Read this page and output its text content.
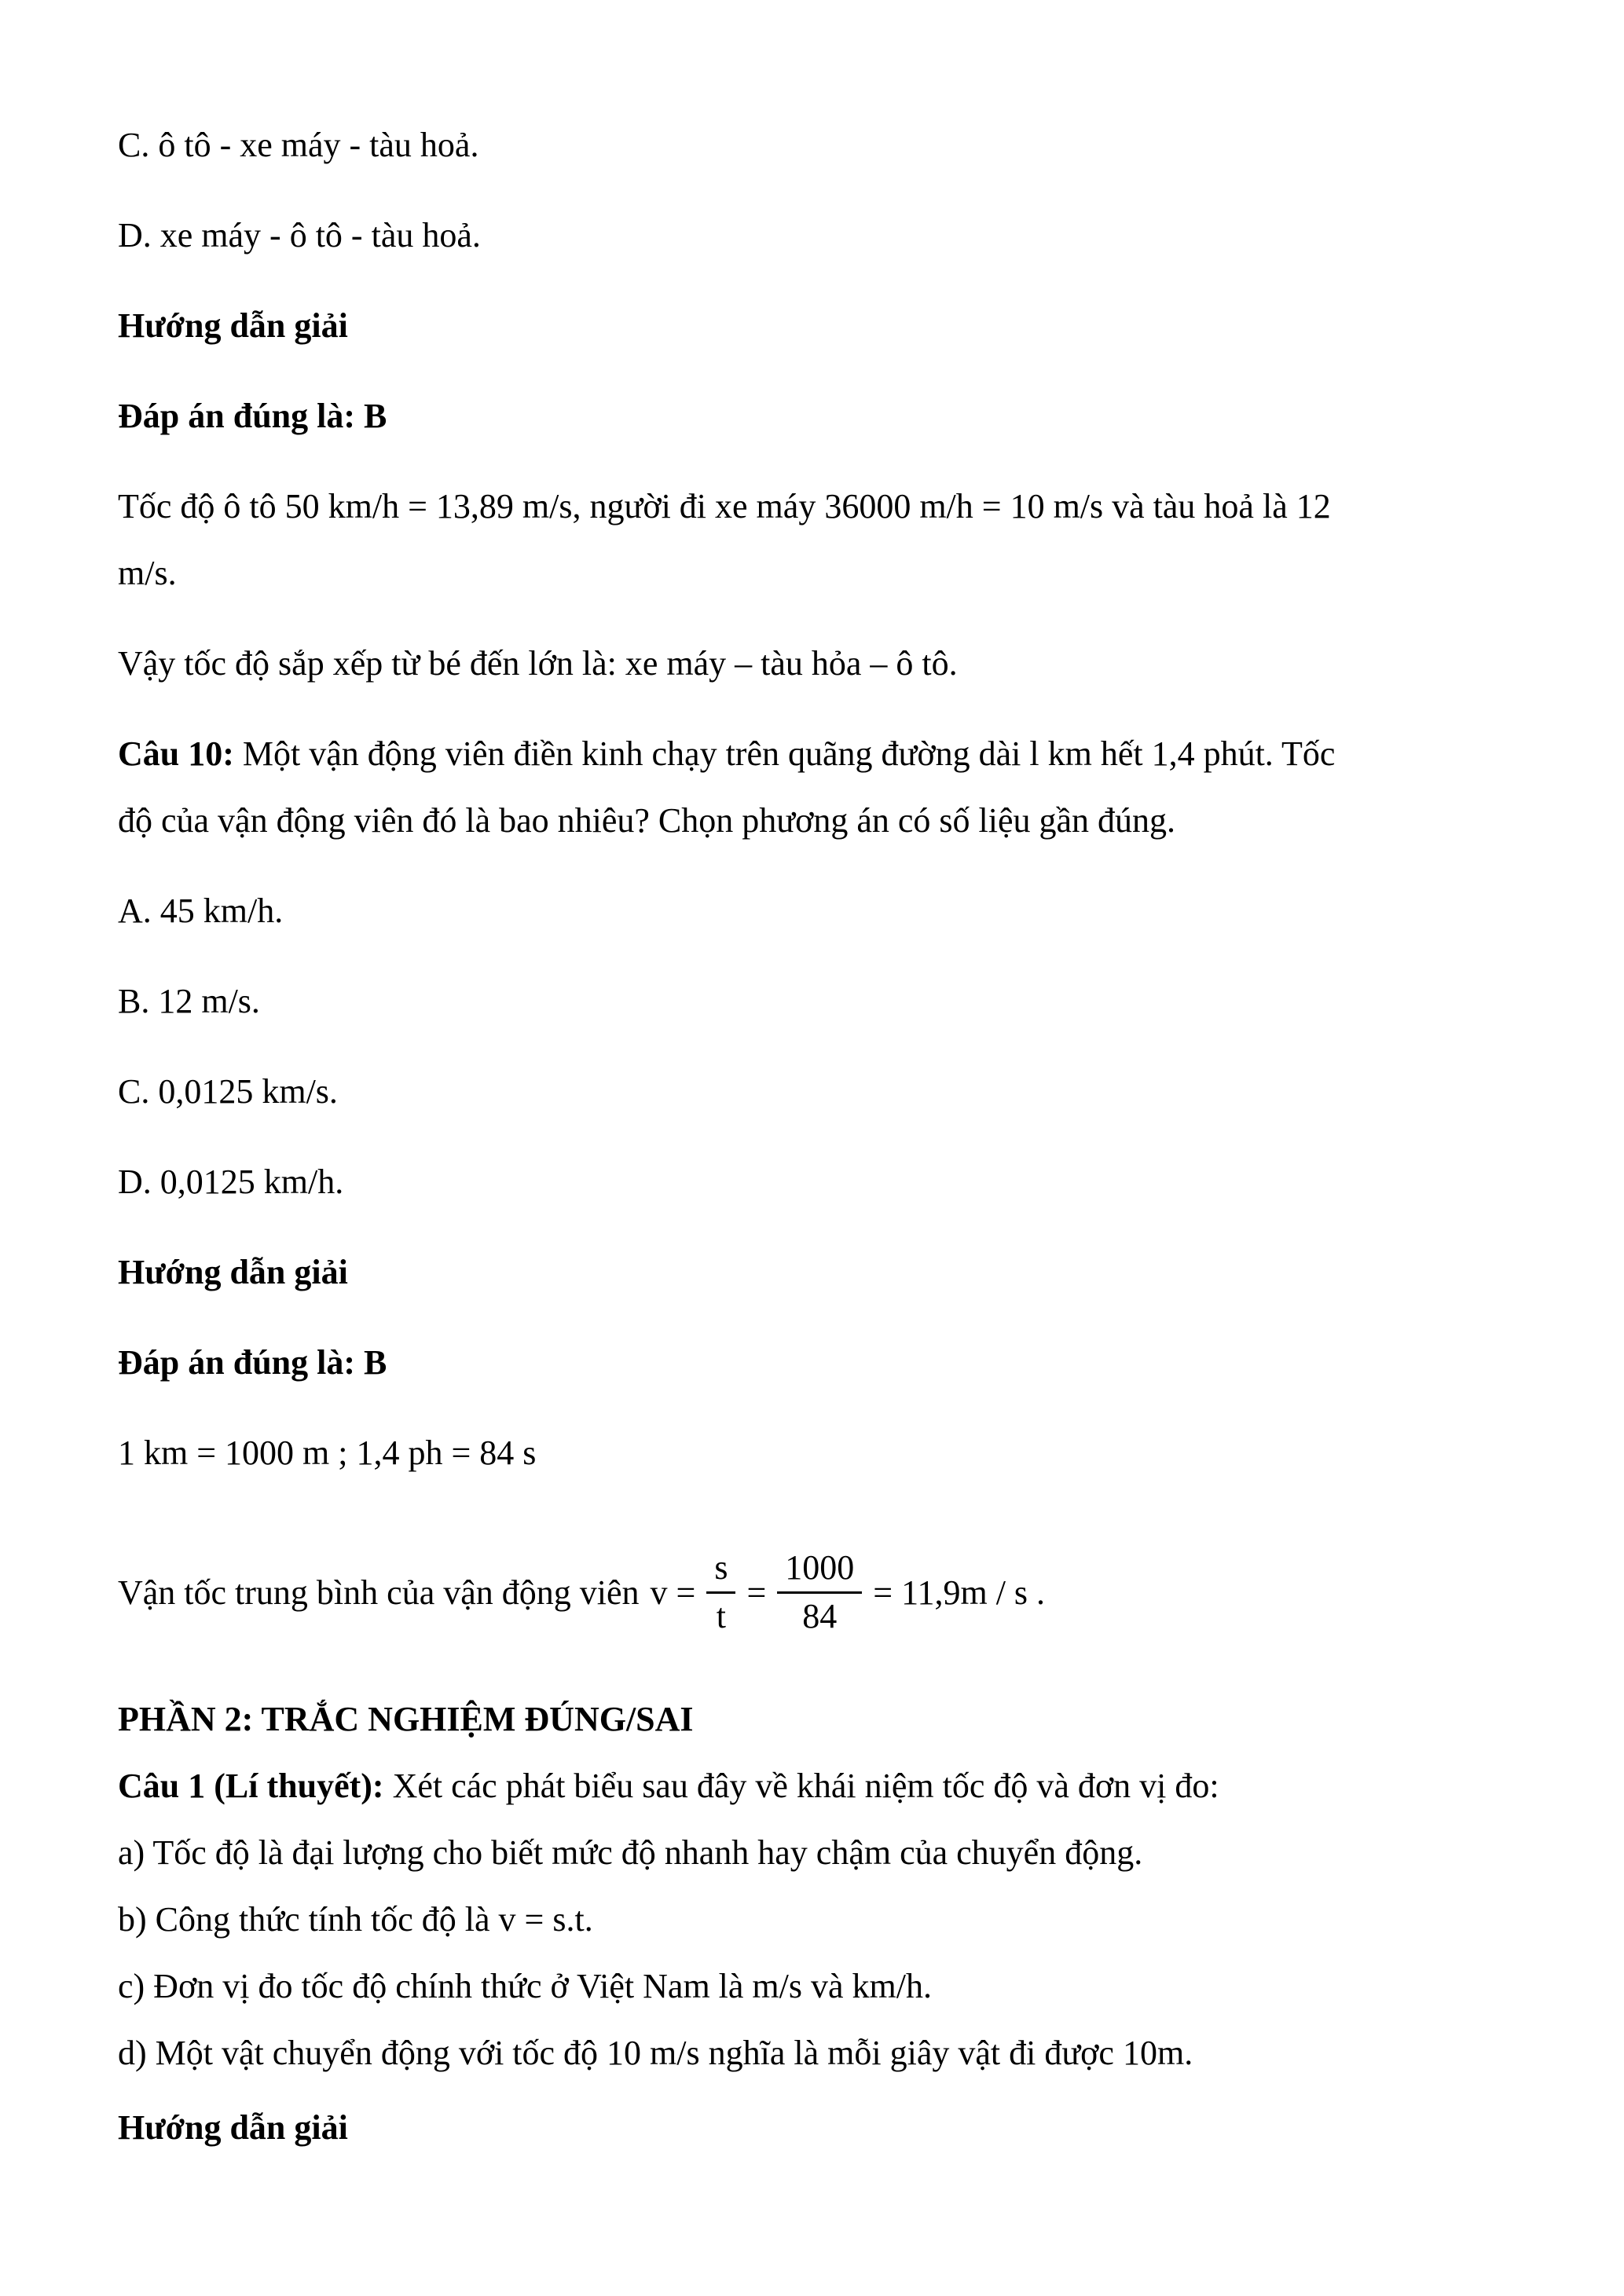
C. ô tô - xe máy - tàu hoả.

D. xe máy - ô tô - tàu hoả.

Hướng dẫn giải

Đáp án đúng là: B

Tốc độ ô tô 50 km/h = 13,89 m/s, người đi xe máy 36000 m/h = 10 m/s và tàu hoả là 12
m/s.

Vậy tốc độ sắp xếp từ bé đến lớn là: xe máy – tàu hỏa – ô tô.

Câu 10: Một vận động viên điền kinh chạy trên quãng đường dài l km hết 1,4 phút. Tốc
độ của vận động viên đó là bao nhiêu? Chọn phương án có số liệu gần đúng.

A. 45 km/h.

B. 12 m/s.

C. 0,0125 km/s.

D. 0,0125 km/h.

Hướng dẫn giải

Đáp án đúng là: B

1 km = 1000 m ; 1,4 ph = 84 s

Vận tốc trung bình của vận động viên $v = \frac{s}{t} = \frac{1000}{84} = 11,9m / s$ .

PHẦN 2: TRẮC NGHIỆM ĐÚNG/SAI

Câu 1 (Lí thuyết): Xét các phát biểu sau đây về khái niệm tốc độ và đơn vị đo:

a) Tốc độ là đại lượng cho biết mức độ nhanh hay chậm của chuyển động.

b) Công thức tính tốc độ là v = s.t.

c) Đơn vị đo tốc độ chính thức ở Việt Nam là m/s và km/h.

d) Một vật chuyển động với tốc độ 10 m/s nghĩa là mỗi giây vật đi được 10m.

Hướng dẫn giải
